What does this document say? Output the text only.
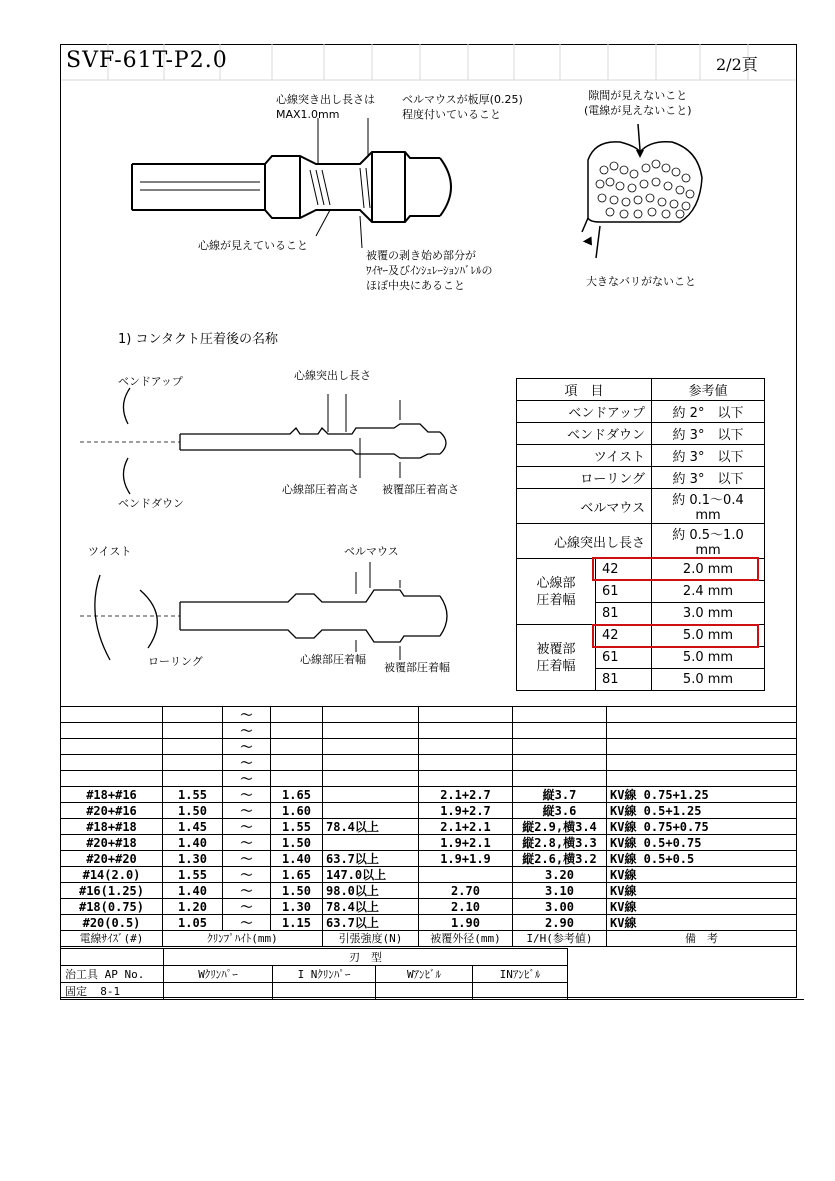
SVF-61T-P2.0	2/2頁
心線突き出し長さは
MAX1.0mm
ベルマウスが板厚(0.25)
程度付いていること
心線が見えていること
被覆の剥き始め部分が
ﾜｲﾔｰ及びｲﾝｼｭﾚｰｼｮﾝﾊﾞﾚﾙの
ほぼ中央にあること
隙間が見えないこと
(電線が見えないこと)
大きなバリがないこと
1) コンタクト圧着後の名称
ベンドアップ
ベンドダウン
心線突出し長さ
心線部圧着高さ 被覆部圧着高さ
ツイスト
ローリング
ベルマウス
心線部圧着幅
被覆部圧着幅
項　目		参考値
ベンドアップ		約 2°　以下
ベンドダウン		約 3°　以下
ツイスト		約 3°　以下
ローリング		約 3°　以下
ベルマウス		約 0.1～0.4 mm
心線突出し長さ		約 0.5～1.0 mm
心線部
圧着幅	42	2.0 mm
	61	2.4 mm
	81	3.0 mm
被覆部
圧着幅	42	5.0 mm
	61	5.0 mm
	81	5.0 mm
		～					
		～					
		～					
		～					
		～					
#18+#16	1.55	～	1.65		2.1+2.7	縦3.7	KV線 0.75+1.25
#20+#16	1.50	～	1.60		1.9+2.7	縦3.6	KV線 0.5+1.25
#18+#18	1.45	～	1.55	78.4以上	2.1+2.1	縦2.9,横3.4	KV線 0.75+0.75
#20+#18	1.40	～	1.50		1.9+2.1	縦2.8,横3.3	KV線 0.5+0.75
#20+#20	1.30	～	1.40	63.7以上	1.9+1.9	縦2.6,横3.2	KV線 0.5+0.5
#14(2.0)	1.55	～	1.65	147.0以上		3.20	KV線
#16(1.25)	1.40	～	1.50	98.0以上	2.70	3.10	KV線
#18(0.75)	1.20	～	1.30	78.4以上	2.10	3.00	KV線
#20(0.5)	1.05	～	1.15	63.7以上	1.90	2.90	KV線
電線ｻｲｽﾞ(#)	ｸﾘﾝﾌﾟﾊｲﾄ(mm)			引張強度(N)	被覆外径(mm)	I/H(参考値)	備　考
	刃　型				
治工具 AP No.	Wｸﾘﾝﾊﾟｰ	I Nｸﾘﾝﾊﾟｰ	Wｱﾝﾋﾞﾙ	INｱﾝﾋﾞﾙ	
固定 8-1					
